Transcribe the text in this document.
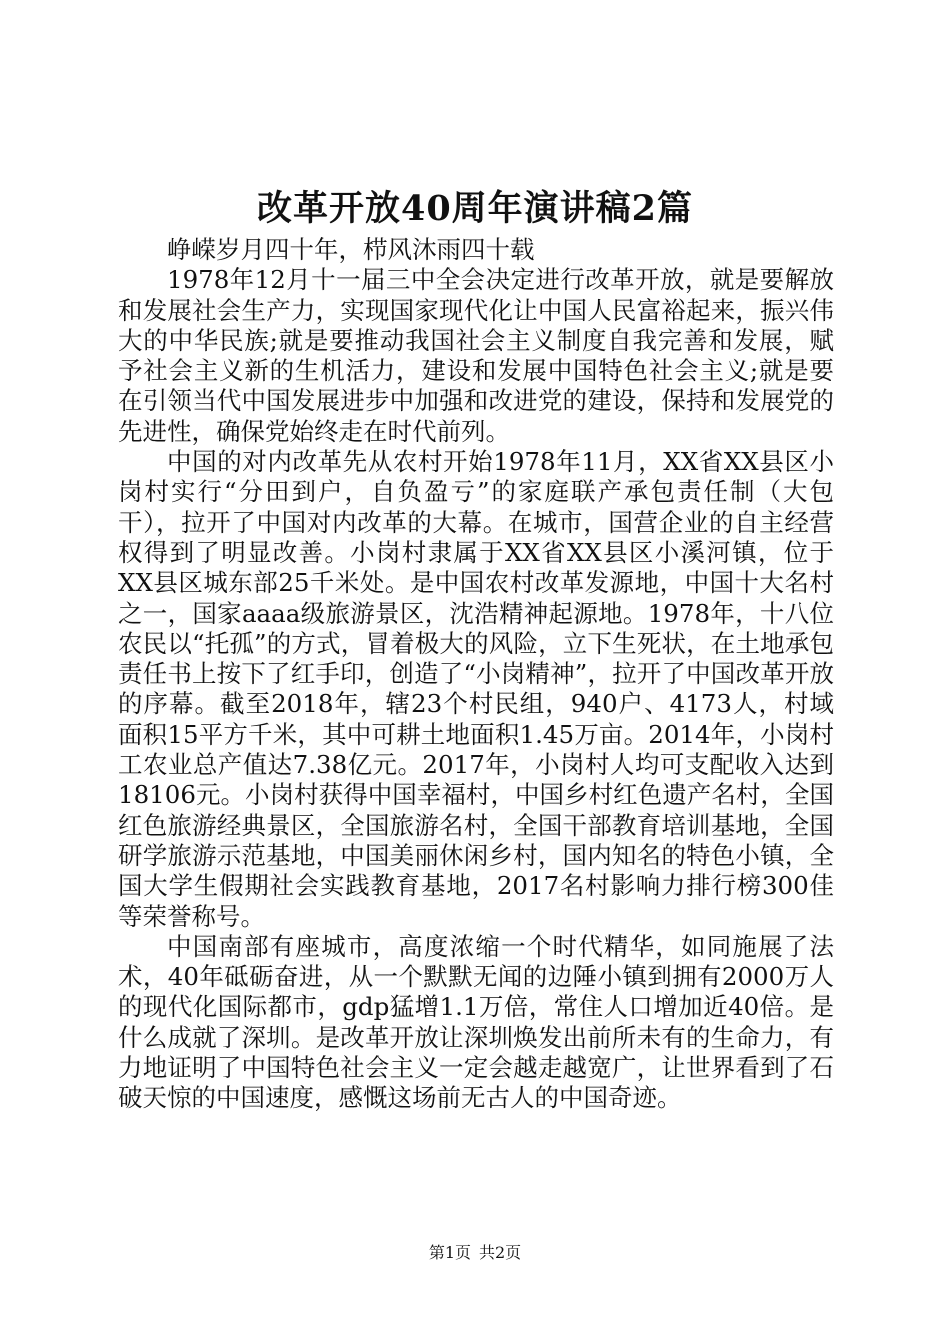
改革开放40周年演讲稿2篇

峥嵘岁月四十年，栉风沐雨四十载

1978年12月十一届三中全会决定进行改革开放，就是要解放和发展社会生产力，实现国家现代化让中国人民富裕起来，振兴伟大的中华民族;就是要推动我国社会主义制度自我完善和发展，赋予社会主义新的生机活力，建设和发展中国特色社会主义;就是要在引领当代中国发展进步中加强和改进党的建设，保持和发展党的先进性，确保党始终走在时代前列。

中国的对内改革先从农村开始1978年11月，XX省XX县区小岗村实行“分田到户，自负盈亏”的家庭联产承包责任制（大包干），拉开了中国对内改革的大幕。在城市，国营企业的自主经营权得到了明显改善。小岗村隶属于XX省XX县区小溪河镇，位于XX县区城东部25千米处。是中国农村改革发源地，中国十大名村之一，国家aaaa级旅游景区，沈浩精神起源地。1978年，十八位农民以“托孤”的方式，冒着极大的风险，立下生死状，在土地承包责任书上按下了红手印，创造了“小岗精神”，拉开了中国改革开放的序幕。截至2018年，辖23个村民组，940户、4173人，村域面积15平方千米，其中可耕土地面积1.45万亩。2014年，小岗村工农业总产值达7.38亿元。2017年，小岗村人均可支配收入达到18106元。小岗村获得中国幸福村，中国乡村红色遗产名村，全国红色旅游经典景区，全国旅游名村，全国干部教育培训基地，全国研学旅游示范基地，中国美丽休闲乡村，国内知名的特色小镇，全国大学生假期社会实践教育基地，2017名村影响力排行榜300佳等荣誉称号。

中国南部有座城市，高度浓缩一个时代精华，如同施展了法术，40年砥砺奋进，从一个默默无闻的边陲小镇到拥有2000万人的现代化国际都市，gdp猛增1.1万倍，常住人口增加近40倍。是什么成就了深圳。是改革开放让深圳焕发出前所未有的生命力，有力地证明了中国特色社会主义一定会越走越宽广，让世界看到了石破天惊的中国速度，感慨这场前无古人的中国奇迹。

第1页 共2页
